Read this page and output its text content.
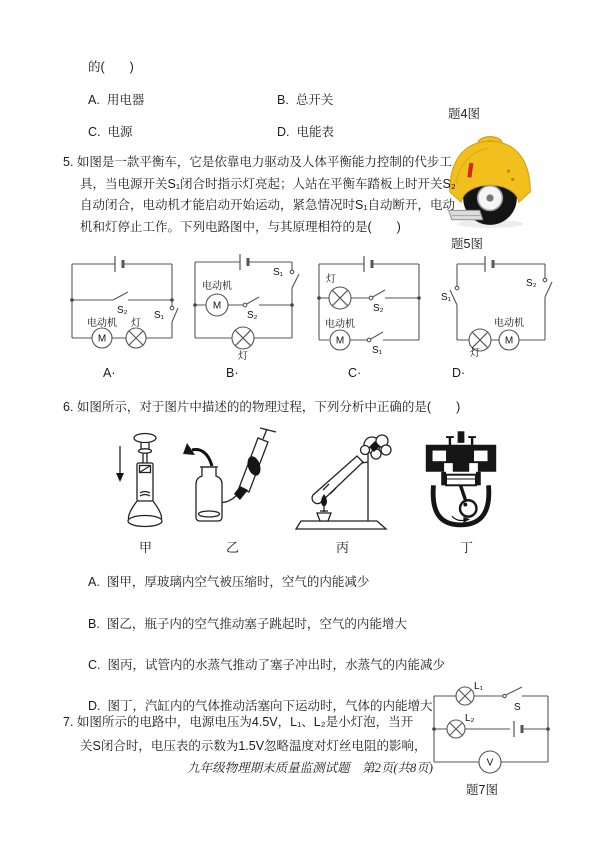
的(　　)
A. 用电器	B. 总开关
C. 电源	D. 电能表
题4图
5. 如图是一款平衡车，它是依靠电力驱动及人体平衡能力控制的代步工具，当电源开关S₁闭合时指示灯亮起；人站在平衡车踏板上时开关S₂自动闭合，电动机才能启动开始运动，紧急情况时S₁自动断开，电动机和灯停止工作。下列电路图中，与其原理相符的是(　　)
题5图
S₂	S₁
M
电动机 灯
S₁
M
电动机
S₂
灯
灯
S₂
M
电动机
S₁
S₁
S₂
灯
M
电动机
A·	B·	C·	D·
6. 如图所示，对于图片中描述的的物理过程，下列分析中正确的是(　　)
甲	乙	丙	丁
A. 图甲，厚玻璃内空气被压缩时，空气的内能减少
B. 图乙，瓶子内的空气推动塞子跳起时，空气的内能增大
C. 图丙，试管内的水蒸气推动了塞子冲出时，水蒸气的内能减少
D. 图丁，汽缸内的气体推动活塞向下运动时，气体的内能增大
7. 如图所示的电路中，电源电压为4.5V，L₁、L₂是小灯泡，当开
关S闭合时，电压表的示数为1.5V忽略温度对灯丝电阻的影响，
L₁
S
L₂
V
题7图
九年级物理期末质量监测试题　第2页(共8页)
